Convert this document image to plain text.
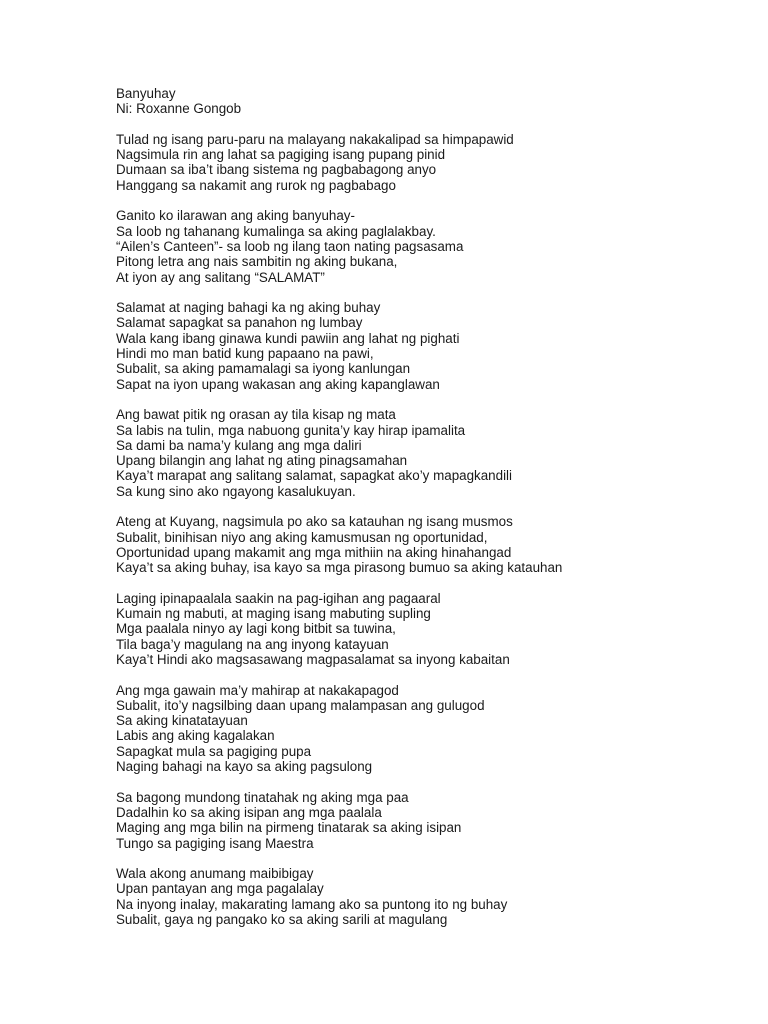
Banyuhay
Ni: Roxanne Gongob
Tulad ng isang paru-paru na malayang nakakalipad sa himpapawid
Nagsimula rin ang lahat sa pagiging isang pupang pinid
Dumaan sa iba’t ibang sistema ng pagbabagong anyo
Hanggang sa nakamit ang rurok ng pagbabago
Ganito ko ilarawan ang aking banyuhay-
Sa loob ng tahanang kumalinga sa aking paglalakbay.
“Ailen’s Canteen”- sa loob ng ilang taon nating pagsasama
Pitong letra ang nais sambitin ng aking bukana,
At iyon ay ang salitang “SALAMAT”
Salamat at naging bahagi ka ng aking buhay
Salamat sapagkat sa panahon ng lumbay
Wala kang ibang ginawa kundi pawiin ang lahat ng pighati
Hindi mo man batid kung papaano na pawi,
Subalit, sa aking pamamalagi sa iyong kanlungan
Sapat na iyon upang wakasan ang aking kapanglawan
Ang bawat pitik ng orasan ay tila kisap ng mata
Sa labis na tulin, mga nabuong gunita’y kay hirap ipamalita
Sa dami ba nama’y kulang ang mga daliri
Upang bilangin ang lahat ng ating pinagsamahan
Kaya’t marapat ang salitang salamat, sapagkat ako’y mapagkandili
Sa kung sino ako ngayong kasalukuyan.
Ateng at Kuyang, nagsimula po ako sa katauhan ng isang musmos
Subalit, binihisan niyo ang aking kamusmusan ng oportunidad,
Oportunidad upang makamit ang mga mithiin na aking hinahangad
Kaya’t sa aking buhay, isa kayo sa mga pirasong bumuo sa aking katauhan
Laging ipinapaalala saakin na pag-igihan ang pagaaral
Kumain ng mabuti, at maging isang mabuting supling
Mga paalala ninyo ay lagi kong bitbit sa tuwina,
Tila baga’y magulang na ang inyong katayuan
Kaya’t Hindi ako magsasawang magpasalamat sa inyong kabaitan
Ang mga gawain ma’y mahirap at nakakapagod
Subalit, ito’y nagsilbing daan upang malampasan ang gulugod
Sa aking kinatatayuan
Labis ang aking kagalakan
Sapagkat mula sa pagiging pupa
Naging bahagi na kayo sa aking pagsulong
Sa bagong mundong tinatahak ng aking mga paa
Dadalhin ko sa aking isipan ang mga paalala
Maging ang mga bilin na pirmeng tinatarak sa aking isipan
Tungo sa pagiging isang Maestra
Wala akong anumang maibibigay
Upan pantayan ang mga pagalalay
Na inyong inalay, makarating lamang ako sa puntong ito ng buhay
Subalit, gaya ng pangako ko sa aking sarili at magulang
